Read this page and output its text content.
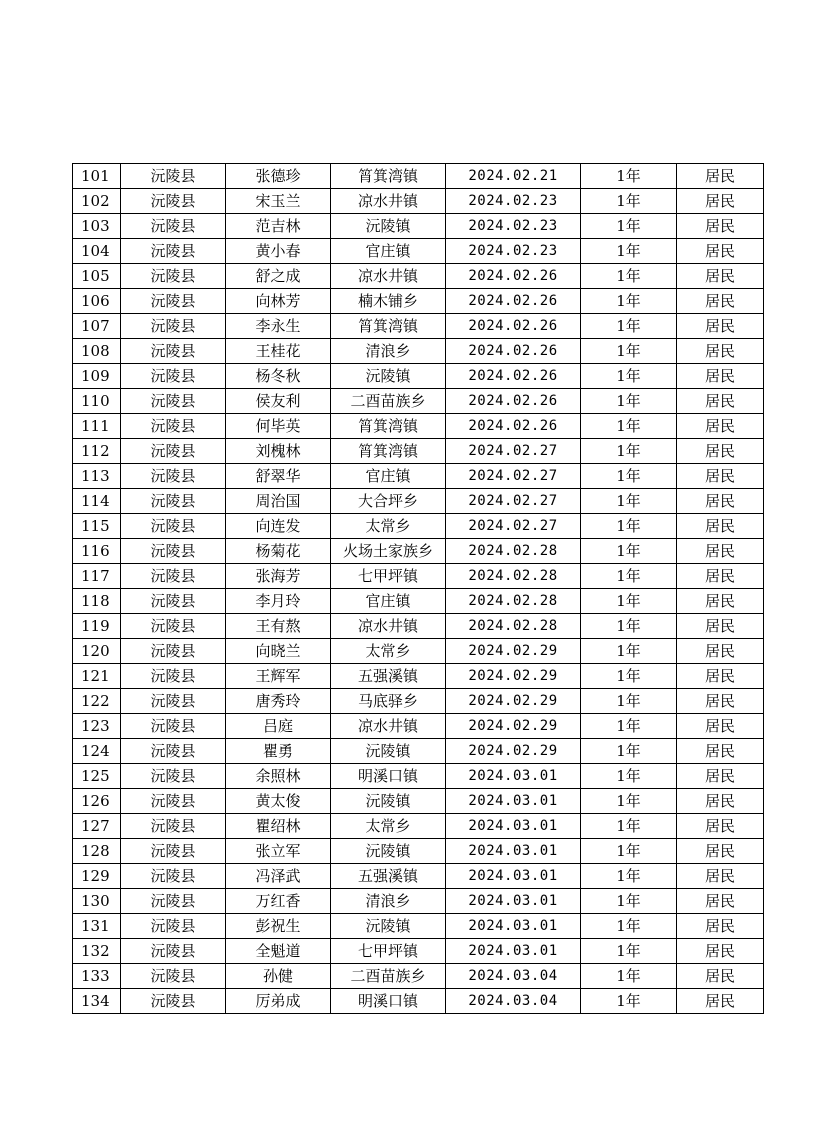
101	沅陵县	张德珍	筲箕湾镇	2024.02.21	1年	居民
102	沅陵县	宋玉兰	凉水井镇	2024.02.23	1年	居民
103	沅陵县	范吉林	沅陵镇	2024.02.23	1年	居民
104	沅陵县	黄小春	官庄镇	2024.02.23	1年	居民
105	沅陵县	舒之成	凉水井镇	2024.02.26	1年	居民
106	沅陵县	向林芳	楠木铺乡	2024.02.26	1年	居民
107	沅陵县	李永生	筲箕湾镇	2024.02.26	1年	居民
108	沅陵县	王桂花	清浪乡	2024.02.26	1年	居民
109	沅陵县	杨冬秋	沅陵镇	2024.02.26	1年	居民
110	沅陵县	侯友利	二酉苗族乡	2024.02.26	1年	居民
111	沅陵县	何毕英	筲箕湾镇	2024.02.26	1年	居民
112	沅陵县	刘槐林	筲箕湾镇	2024.02.27	1年	居民
113	沅陵县	舒翠华	官庄镇	2024.02.27	1年	居民
114	沅陵县	周治国	大合坪乡	2024.02.27	1年	居民
115	沅陵县	向连发	太常乡	2024.02.27	1年	居民
116	沅陵县	杨菊花	火场土家族乡	2024.02.28	1年	居民
117	沅陵县	张海芳	七甲坪镇	2024.02.28	1年	居民
118	沅陵县	李月玲	官庄镇	2024.02.28	1年	居民
119	沅陵县	王有熬	凉水井镇	2024.02.28	1年	居民
120	沅陵县	向晓兰	太常乡	2024.02.29	1年	居民
121	沅陵县	王辉军	五强溪镇	2024.02.29	1年	居民
122	沅陵县	唐秀玲	马底驿乡	2024.02.29	1年	居民
123	沅陵县	吕庭	凉水井镇	2024.02.29	1年	居民
124	沅陵县	瞿勇	沅陵镇	2024.02.29	1年	居民
125	沅陵县	余照林	明溪口镇	2024.03.01	1年	居民
126	沅陵县	黄太俊	沅陵镇	2024.03.01	1年	居民
127	沅陵县	瞿绍林	太常乡	2024.03.01	1年	居民
128	沅陵县	张立军	沅陵镇	2024.03.01	1年	居民
129	沅陵县	冯泽武	五强溪镇	2024.03.01	1年	居民
130	沅陵县	万红香	清浪乡	2024.03.01	1年	居民
131	沅陵县	彭祝生	沅陵镇	2024.03.01	1年	居民
132	沅陵县	全魁道	七甲坪镇	2024.03.01	1年	居民
133	沅陵县	孙健	二酉苗族乡	2024.03.04	1年	居民
134	沅陵县	厉弟成	明溪口镇	2024.03.04	1年	居民
